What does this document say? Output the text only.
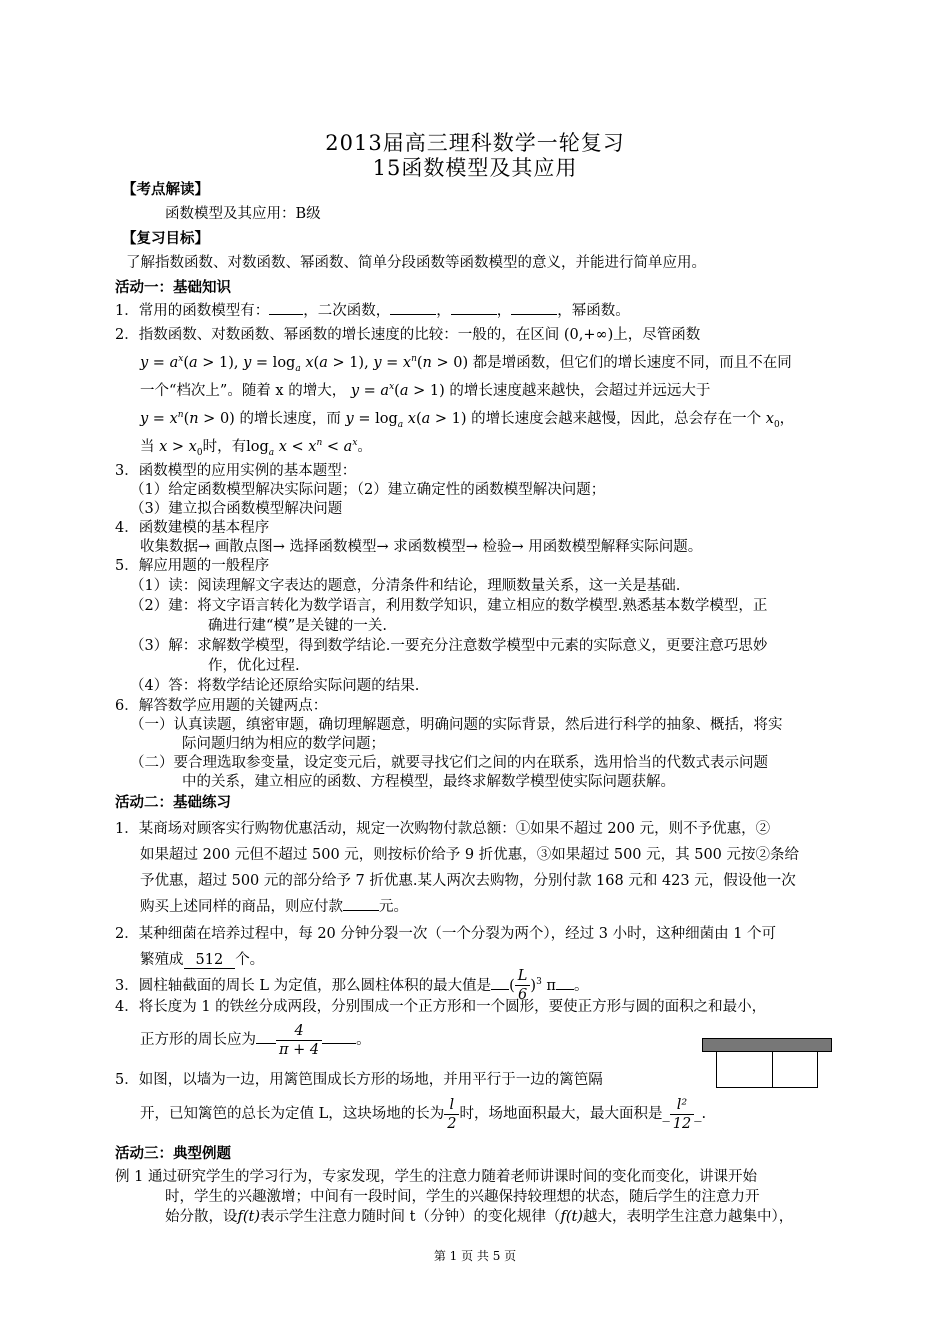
2013届高三理科数学一轮复习
15函数模型及其应用
【考点解读】
函数模型及其应用：B级
【复习目标】
了解指数函数、对数函数、幂函数、简单分段函数等函数模型的意义，并能进行简单应用。
活动一：基础知识
1．常用的函数模型有： ，二次函数，	，	，	，幂函数。
2．指数函数、对数函数、幂函数的增长速度的比较：一般的，在区间 (0,+∞)上，尽管函数
$y = a^x(a > 1)$, $y = \log_a x(a > 1)$, $y = x^n(n > 0)$ 都是增函数，但它们的增长速度不同，而且不在同
一个“档次上”。随着 x 的增大， $y = a^x(a > 1)$ 的增长速度越来越快，会超过并远远大于
$y = x^n(n > 0)$ 的增长速度，而 $y = \log_a x(a > 1)$ 的增长速度会越来越慢，因此，总会存在一个 $x_0$，
当 $x > x_0$时，有$\log_a x < x^n < a^x$。
3．函数模型的应用实例的基本题型：
（1）给定函数模型解决实际问题；（2）建立确定性的函数模型解决问题；
（3）建立拟合函数模型解决问题
4．函数建模的基本程序
收集数据→ 画散点图→ 选择函数模型→ 求函数模型→ 检验→ 用函数模型解释实际问题。
5．解应用题的一般程序
（1）读：阅读理解文字表达的题意，分清条件和结论，理顺数量关系，这一关是基础.
（2）建：将文字语言转化为数学语言，利用数学知识，建立相应的数学模型.熟悉基本数学模型，正
确进行建“模”是关键的一关.
（3）解：求解数学模型，得到数学结论.一要充分注意数学模型中元素的实际意义，更要注意巧思妙
作，优化过程.
（4）答：将数学结论还原给实际问题的结果.
6．解答数学应用题的关键两点：
（一）认真读题，缜密审题，确切理解题意，明确问题的实际背景，然后进行科学的抽象、概括，将实
际问题归纳为相应的数学问题；
（二）要合理选取参变量，设定变元后，就要寻找它们之间的内在联系，选用恰当的代数式表示问题
中的关系，建立相应的函数、方程模型，最终求解数学模型使实际问题获解。
活动二：基础练习
1．某商场对顾客实行购物优惠活动，规定一次购物付款总额：①如果不超过 200 元，则不予优惠，②
如果超过 200 元但不超过 500 元，则按标价给予 9 折优惠，③如果超过 500 元，其 500 元按②条给
予优惠，超过 500 元的部分给予 7 折优惠.某人两次去购物，分别付款 168 元和 423 元，假设他一次
购买上述同样的商品，则应付款 元。
2．某种细菌在培养过程中，每 20 分钟分裂一次（一个分裂为两个），经过 3 小时，这种细菌由 1 个可
繁殖成 512 个。
3．圆柱轴截面的周长 L 为定值，那么圆柱体积的最大值是 ( $\frac{L}{6} )^3$ π 。
4．将长度为 1 的铁丝分成两段，分别围成一个正方形和一个圆形，要使正方形与圆的面积之和最小，
正方形的周长应为 $\frac{4}{\pi + 4}$ 。
5．如图，以墙为一边，用篱笆围成长方形的场地，并用平行于一边的篱笆隔
开，已知篱笆的总长为定值 L，这块场地的长为 $\frac{l}{2}$ 时，场地面积最大，最大面积是_ $\frac{\text{l²}}{12}$ _.
活动三：典型例题
例 1 通过研究学生的学习行为，专家发现，学生的注意力随着老师讲课时间的变化而变化，讲课开始
时，学生的兴趣激增；中间有一段时间，学生的兴趣保持较理想的状态，随后学生的注意力开
始分散，设f(t)表示学生注意力随时间 t（分钟）的变化规律（f(t)越大，表明学生注意力越集中），
第 1 页 共 5 页
